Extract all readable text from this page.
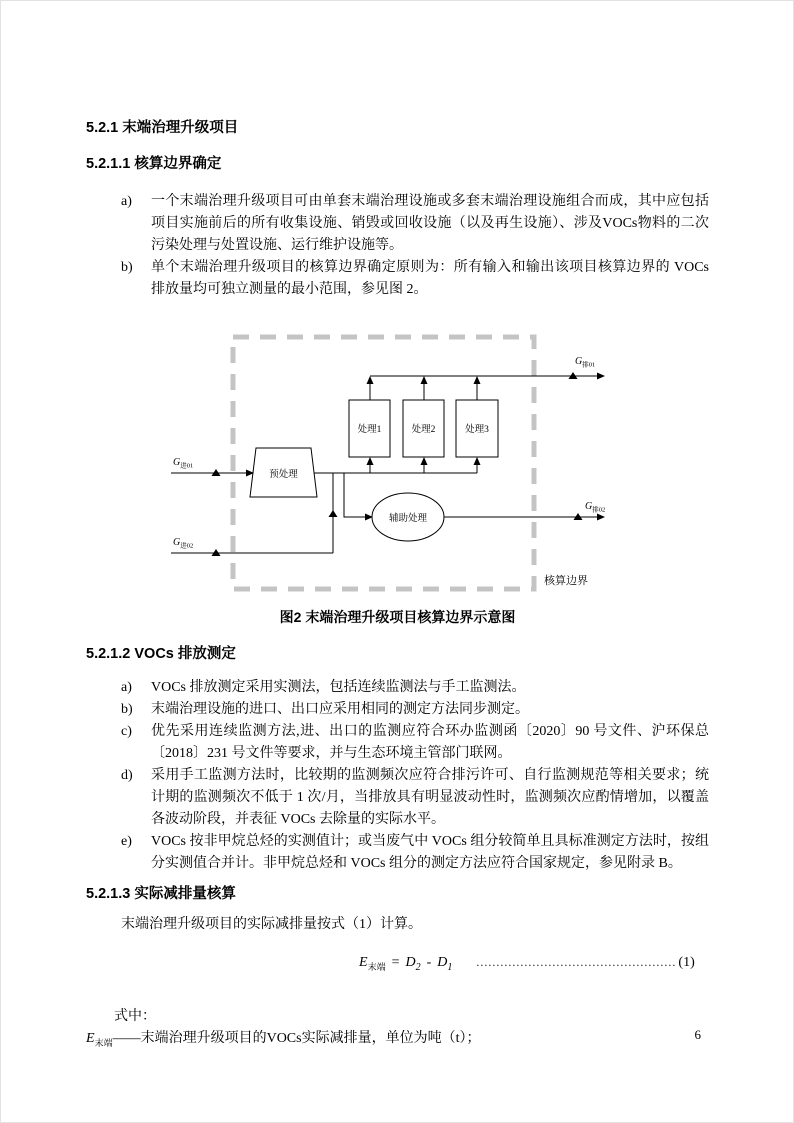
5.2.1 末端治理升级项目
5.2.1.1 核算边界确定
a)	一个末端治理升级项目可由单套末端治理设施或多套末端治理设施组合而成，其中应包括项目实施前后的所有收集设施、销毁或回收设施（以及再生设施）、涉及VOCs物料的二次污染处理与处置设施、运行维护设施等。
b)	单个末端治理升级项目的核算边界确定原则为：所有输入和输出该项目核算边界的 VOCs 排放量均可独立测量的最小范围，参见图 2。
处理1	处理2	处理3
预处理
$G_{进01}$
$G_{进02}$
辅助处理
$G_{排02}$
$G_{排01}$
核算边界
图2 末端治理升级项目核算边界示意图
5.2.1.2 VOCs 排放测定
a)	VOCs 排放测定采用实测法，包括连续监测法与手工监测法。
b)	末端治理设施的进口、出口应采用相同的测定方法同步测定。
c)	优先采用连续监测方法,进、出口的监测应符合环办监测函〔2020〕90 号文件、沪环保总〔2018〕231 号文件等要求，并与生态环境主管部门联网。
d)	采用手工监测方法时，比较期的监测频次应符合排污许可、自行监测规范等相关要求；统计期的监测频次不低于 1 次/月，当排放具有明显波动性时，监测频次应酌情增加，以覆盖各波动阶段，并表征 VOCs 去除量的实际水平。
e)	VOCs 按非甲烷总烃的实测值计；或当废气中 VOCs 组分较简单且具标准测定方法时，按组分实测值合并计。非甲烷总烃和 VOCs 组分的测定方法应符合国家规定，参见附录 B。
5.2.1.3 实际减排量核算
末端治理升级项目的实际减排量按式（1）计算。
$E_{末端} = D_2 - D_1$ .................................................. (1)
式中：
$E_{末端}——$末端治理升级项目的VOCs实际减排量，单位为吨（t）；	6
